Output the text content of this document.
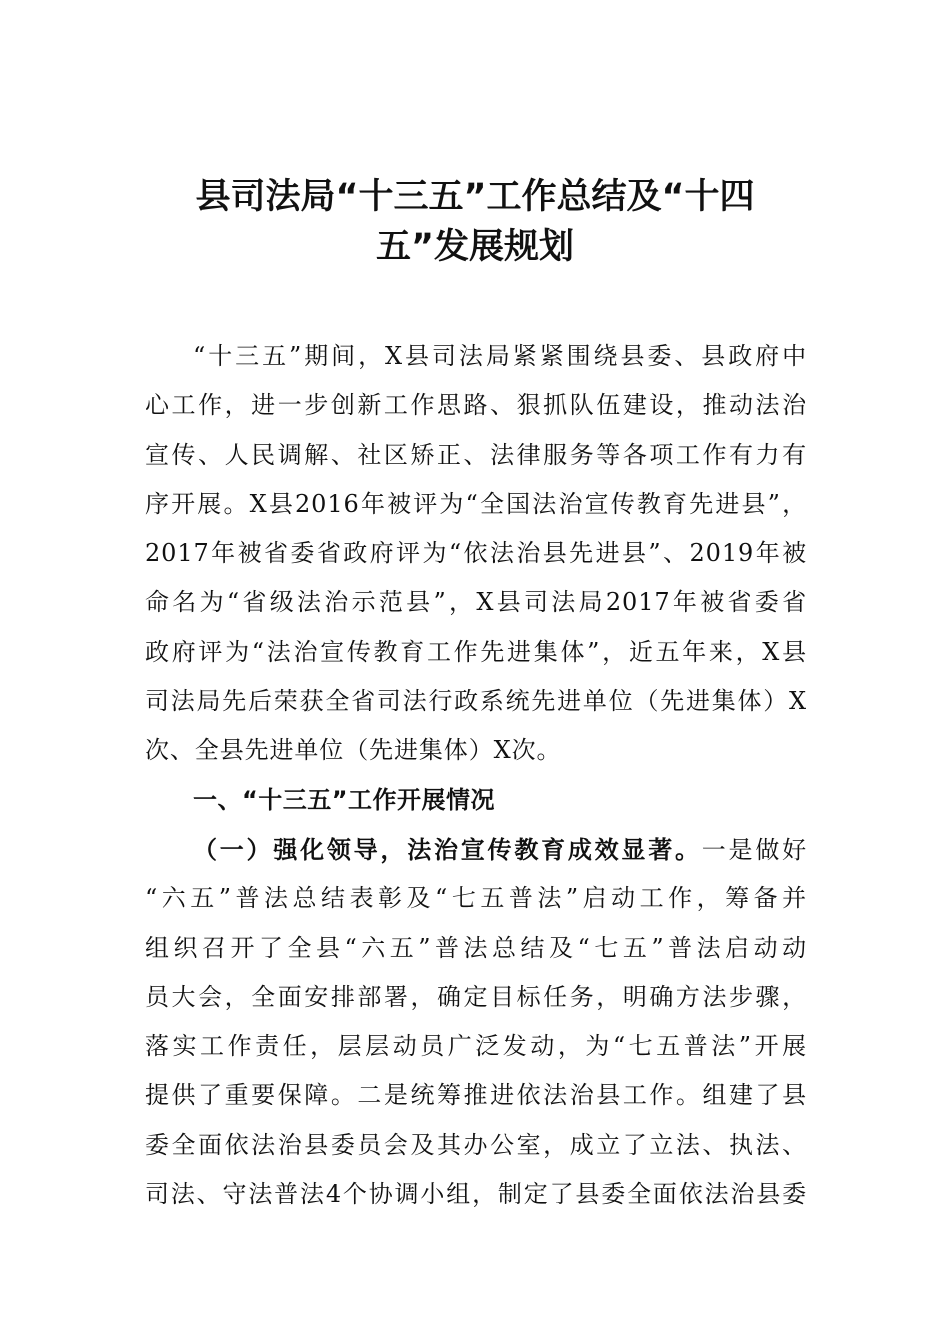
县司法局“十三五”工作总结及“十四
五”发展规划
“十三五”期间，X县司法局紧紧围绕县委、县政府中
心工作，进一步创新工作思路、狠抓队伍建设，推动法治
宣传、人民调解、社区矫正、法律服务等各项工作有力有
序开展。X县2016年被评为“全国法治宣传教育先进县”，
2017年被省委省政府评为“依法治县先进县”、2019年被
命名为“省级法治示范县”，X县司法局2017年被省委省
政府评为“法治宣传教育工作先进集体”，近五年来，X县
司法局先后荣获全省司法行政系统先进单位（先进集体）X
次、全县先进单位（先进集体）X次。
一、“十三五”工作开展情况
（一）强化领导，法治宣传教育成效显著。一是做好
“六五”普法总结表彰及“七五普法”启动工作，筹备并
组织召开了全县“六五”普法总结及“七五”普法启动动
员大会，全面安排部署，确定目标任务，明确方法步骤，
落实工作责任，层层动员广泛发动，为“七五普法”开展
提供了重要保障。二是统筹推进依法治县工作。组建了县
委全面依法治县委员会及其办公室，成立了立法、执法、
司法、守法普法4个协调小组，制定了县委全面依法治县委
